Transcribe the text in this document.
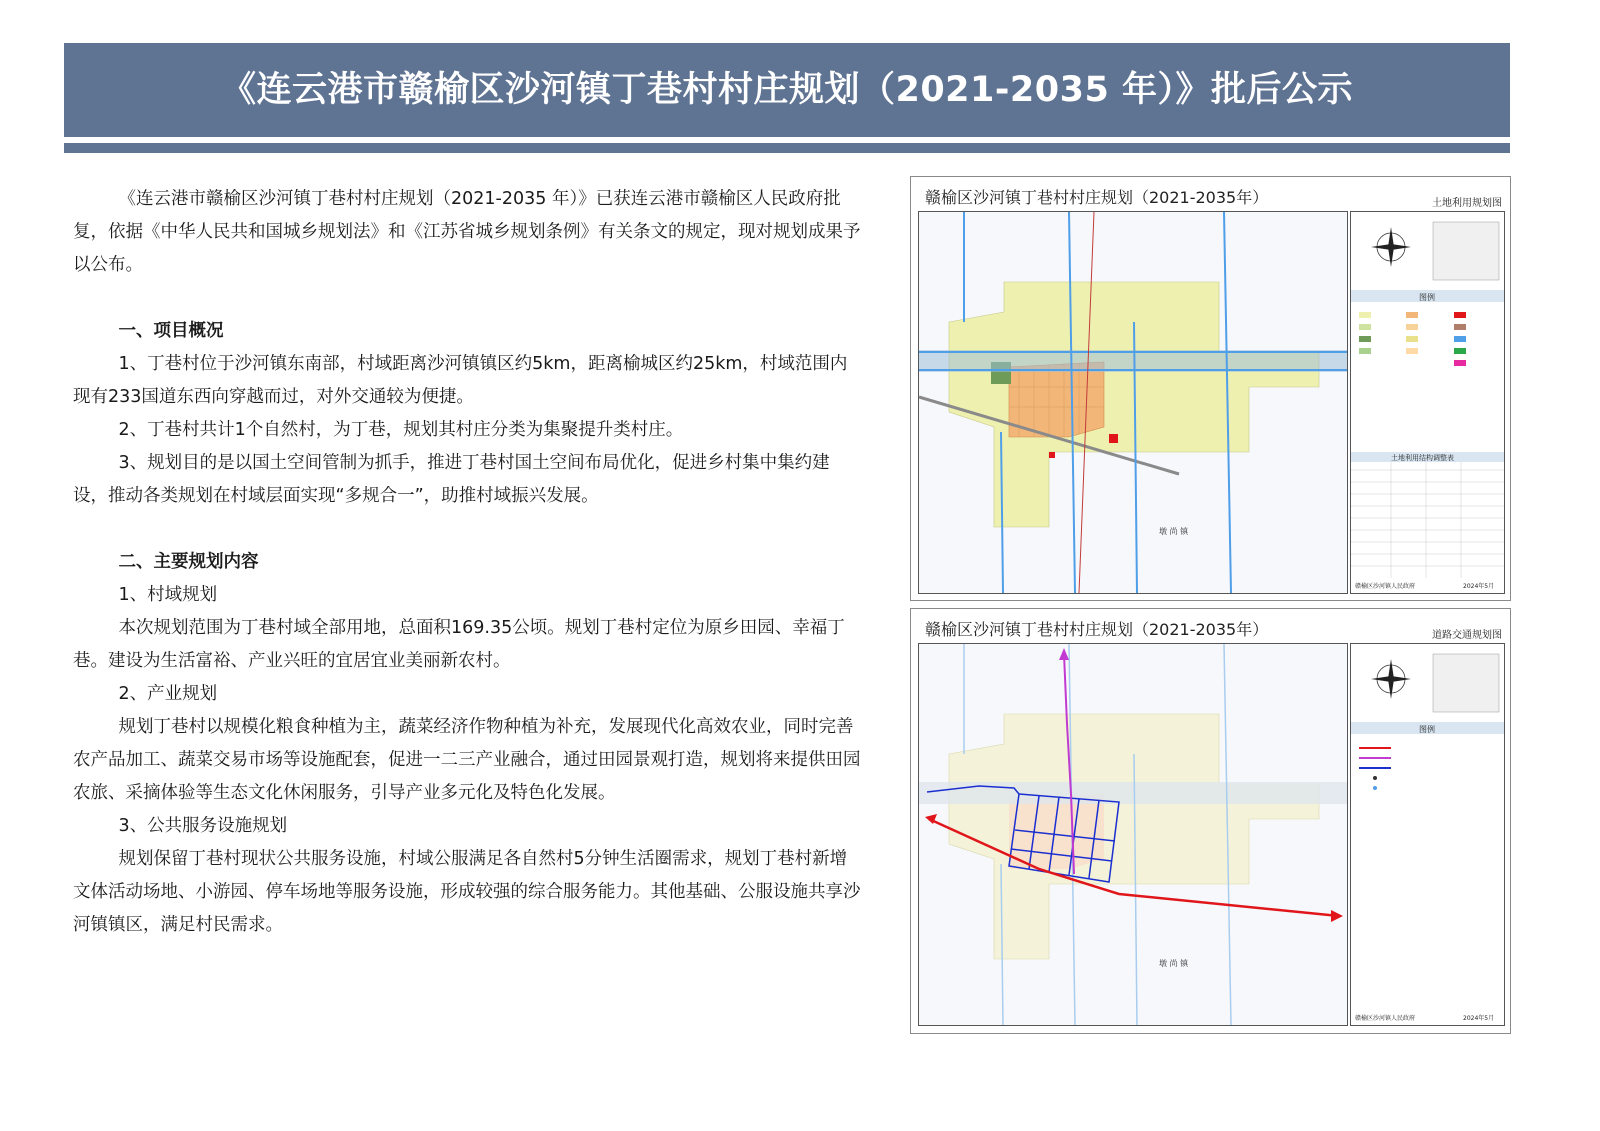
《连云港市赣榆区沙河镇丁巷村村庄规划（2021-2035 年）》批后公示

《连云港市赣榆区沙河镇丁巷村村庄规划（2021-2035 年）》已获连云港市赣榆区人民政府批复，依据《中华人民共和国城乡规划法》和《江苏省城乡规划条例》有关条文的规定，现对规划成果予以公布。

一、项目概况

1、丁巷村位于沙河镇东南部，村域距离沙河镇镇区约5km，距离榆城区约25km，村域范围内现有233国道东西向穿越而过，对外交通较为便捷。

2、丁巷村共计1个自然村，为丁巷，规划其村庄分类为集聚提升类村庄。

3、规划目的是以国土空间管制为抓手，推进丁巷村国土空间布局优化，促进乡村集中集约建设，推动各类规划在村域层面实现“多规合一”，助推村域振兴发展。

二、主要规划内容

1、村域规划

本次规划范围为丁巷村域全部用地，总面积169.35公顷。规划丁巷村定位为原乡田园、幸福丁巷。建设为生活富裕、产业兴旺的宜居宜业美丽新农村。

2、产业规划

规划丁巷村以规模化粮食种植为主，蔬菜经济作物种植为补充，发展现代化高效农业，同时完善农产品加工、蔬菜交易市场等设施配套，促进一二三产业融合，通过田园景观打造，规划将来提供田园农旅、采摘体验等生态文化休闲服务，引导产业多元化及特色化发展。

3、公共服务设施规划

规划保留丁巷村现状公共服务设施，村域公服满足各自然村5分钟生活圈需求，规划丁巷村新增文体活动场地、小游园、停车场地等服务设施，形成较强的综合服务能力。其他基础、公服设施共享沙河镇镇区，满足村民需求。

赣榆区沙河镇丁巷村村庄规划（2021-2035年）	土地利用规划图
墩 尚 镇
图例
土地利用结构调整表
赣榆区沙河镇人民政府	2024年5月
赣榆区沙河镇丁巷村村庄规划（2021-2035年）	道路交通规划图
墩 尚 镇
图例
赣榆区沙河镇人民政府	2024年5月
